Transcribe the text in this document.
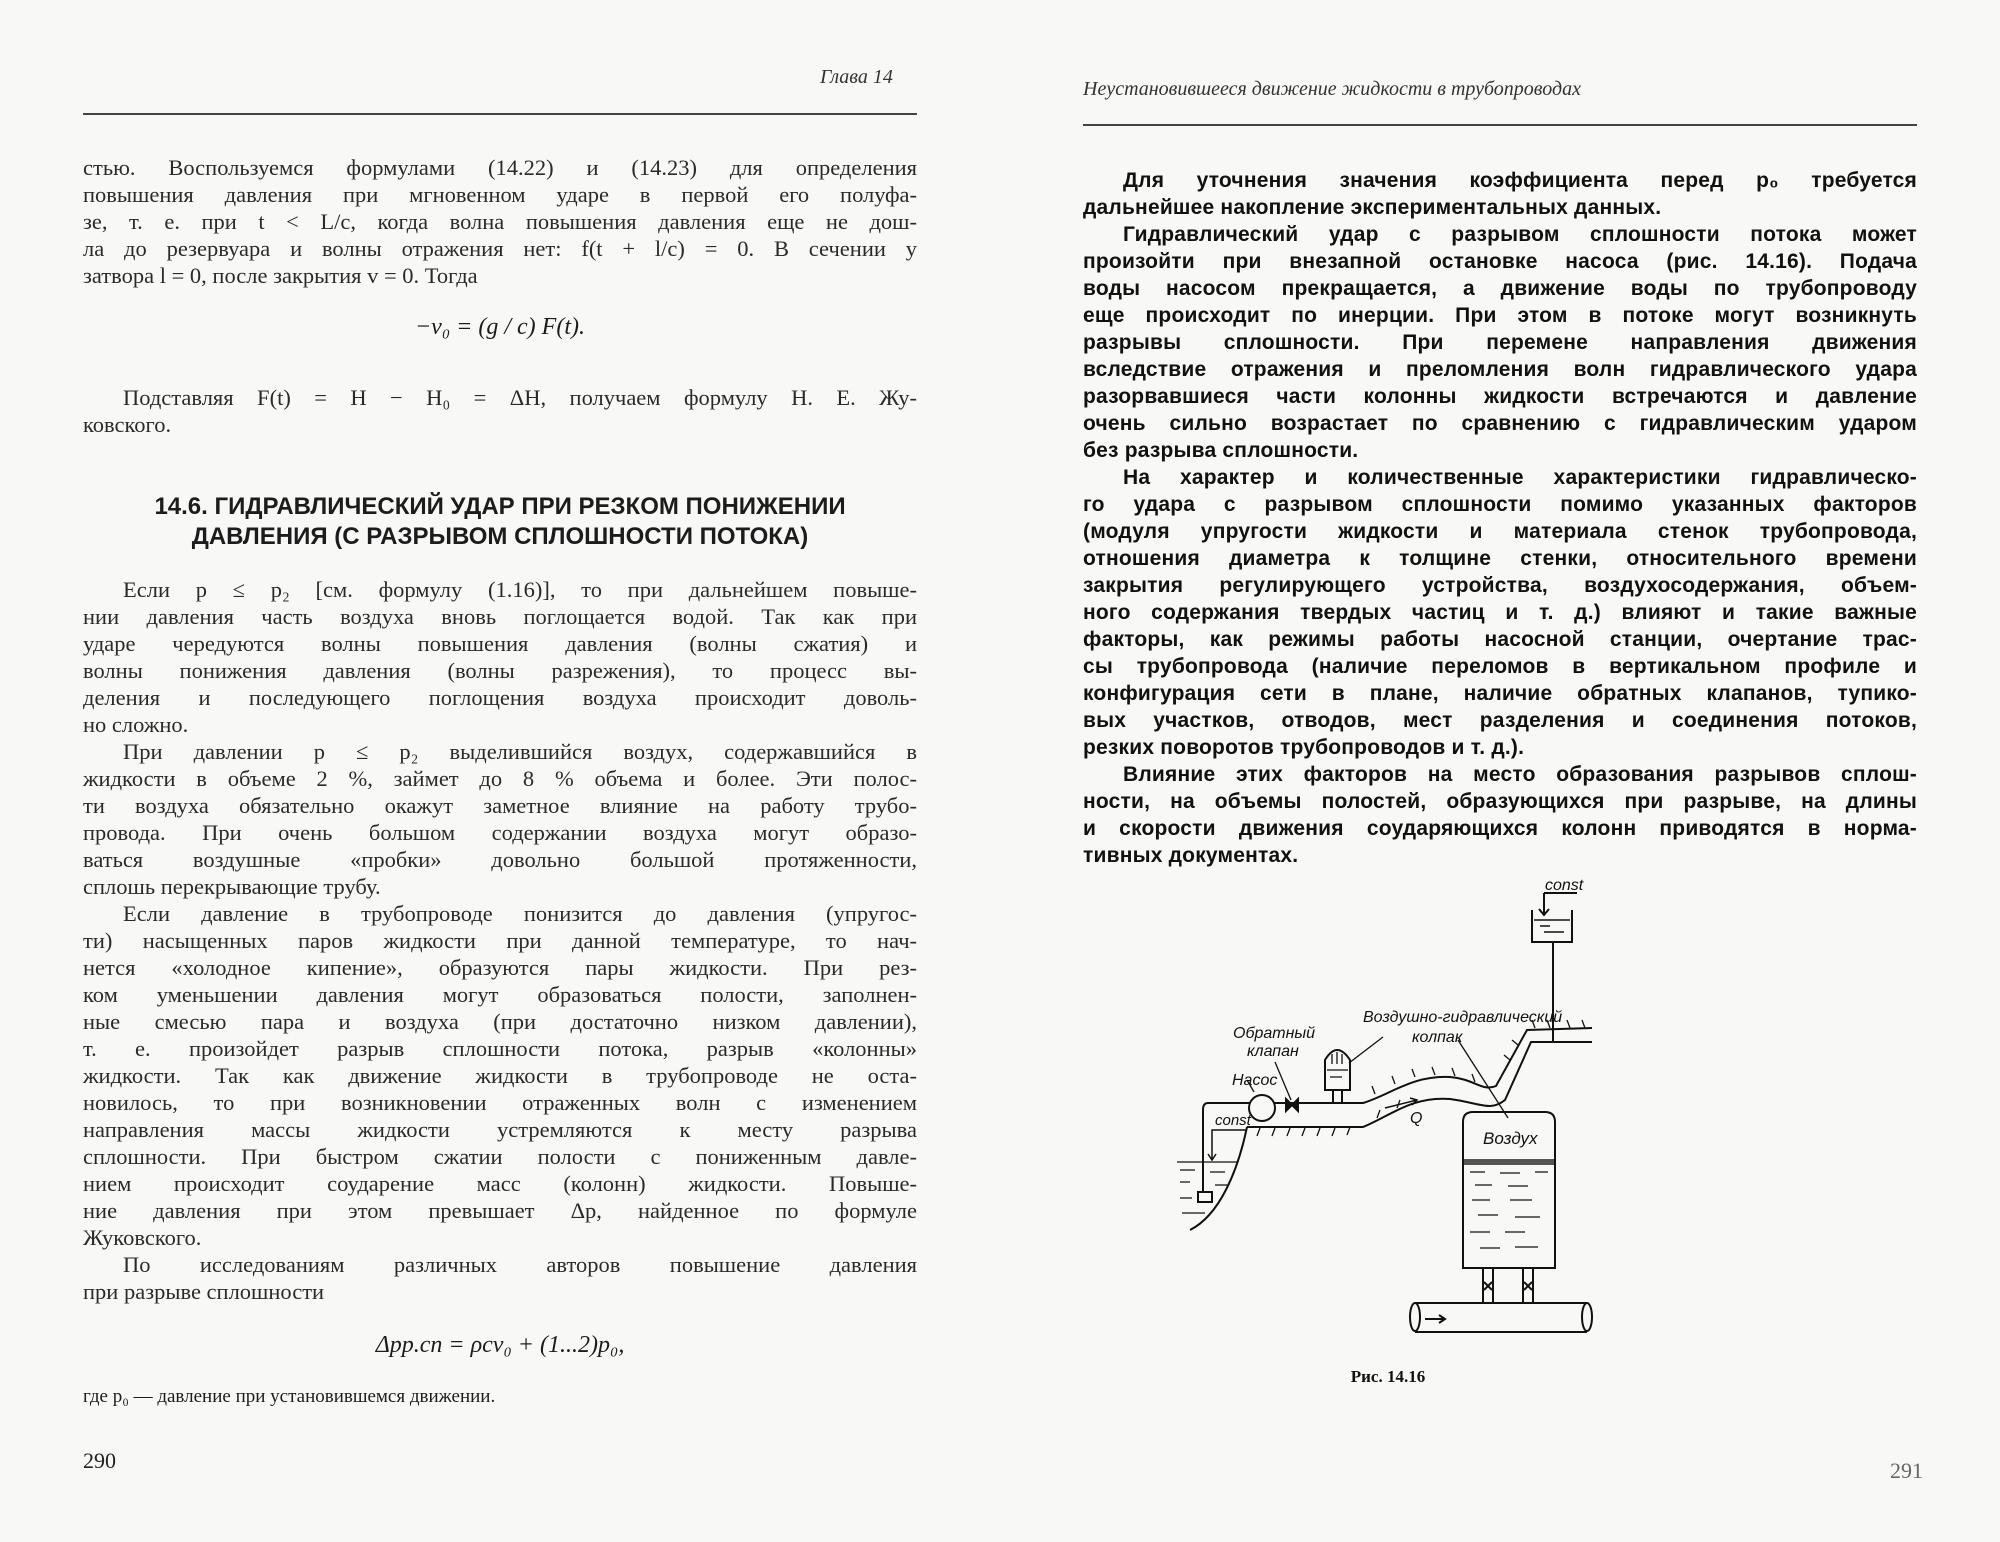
Глава 14
стью. Воспользуемся формулами (14.22) и (14.23) для определения
повышения давления при мгновенном ударе в первой его полуфа-
зе, т. е. при t < L/c, когда волна повышения давления еще не дош-
ла до резервуара и волны отражения нет: f(t + l/c) = 0. В сечении у
затвора l = 0, после закрытия v = 0. Тогда
−v₀ = (g / c) F(t).
Подставляя F(t) = H − H₀ = ΔH, получаем формулу Н. Е. Жу-
ковского.
14.6. ГИДРАВЛИЧЕСКИЙ УДАР ПРИ РЕЗКОМ ПОНИЖЕНИИ
ДАВЛЕНИЯ (С РАЗРЫВОМ СПЛОШНОСТИ ПОТОКА)
Если p ≤ p₂ [см. формулу (1.16)], то при дальнейшем повыше-
нии давления часть воздуха вновь поглощается водой. Так как при
ударе чередуются волны повышения давления (волны сжатия) и
волны понижения давления (волны разрежения), то процесс вы-
деления и последующего поглощения воздуха происходит доволь-
но сложно.
При давлении p ≤ p₂ выделившийся воздух, содержавшийся в
жидкости в объеме 2 %, займет до 8 % объема и более. Эти полос-
ти воздуха обязательно окажут заметное влияние на работу трубо-
провода. При очень большом содержании воздуха могут образо-
ваться воздушные «пробки» довольно большой протяженности,
сплошь перекрывающие трубу.
Если давление в трубопроводе понизится до давления (упругос-
ти) насыщенных паров жидкости при данной температуре, то нач-
нется «холодное кипение», образуются пары жидкости. При рез-
ком уменьшении давления могут образоваться полости, заполнен-
ные смесью пара и воздуха (при достаточно низком давлении),
т. е. произойдет разрыв сплошности потока, разрыв «колонны»
жидкости. Так как движение жидкости в трубопроводе не оста-
новилось, то при возникновении отраженных волн с изменением
направления массы жидкости устремляются к месту разрыва
сплошности. При быстром сжатии полости с пониженным давле-
нием происходит соударение масс (колонн) жидкости. Повыше-
ние давления при этом превышает Δp, найденное по формуле
Жуковского.
По исследованиям различных авторов повышение давления
при разрыве сплошности
Δpр.сп = ρcv₀ + (1...2)p₀,
где p₀ — давление при установившемся движении.
290
Неустановившееся движение жидкости в трубопроводах
Для уточнения значения коэффициента перед p₀ требуется
дальнейшее накопление экспериментальных данных.
Гидравлический удар с разрывом сплошности потока может
произойти при внезапной остановке насоса (рис. 14.16). Подача
воды насосом прекращается, а движение воды по трубопроводу
еще происходит по инерции. При этом в потоке могут возникнуть
разрывы сплошности. При перемене направления движения
вследствие отражения и преломления волн гидравлического удара
разорвавшиеся части колонны жидкости встречаются и давление
очень сильно возрастает по сравнению с гидравлическим ударом
без разрыва сплошности.
На характер и количественные характеристики гидравлическо-
го удара с разрывом сплошности помимо указанных факторов
(модуля упругости жидкости и материала стенок трубопровода,
отношения диаметра к толщине стенки, относительного времени
закрытия регулирующего устройства, воздухосодержания, объем-
ного содержания твердых частиц и т. д.) влияют и такие важные
факторы, как режимы работы насосной станции, очертание трас-
сы трубопровода (наличие переломов в вертикальном профиле и
конфигурация сети в плане, наличие обратных клапанов, тупико-
вых участков, отводов, мест разделения и соединения потоков,
резких поворотов трубопроводов и т. д.).
Влияние этих факторов на место образования разрывов сплош-
ности, на объемы полостей, образующихся при разрыве, на длины
и скорости движения соударяющихся колонн приводятся в норма-
тивных документах.
const
const
Насос
Обратный
клапан
Воздушно-гидравлический
колпак
Q
Воздух
Рис. 14.16
291
